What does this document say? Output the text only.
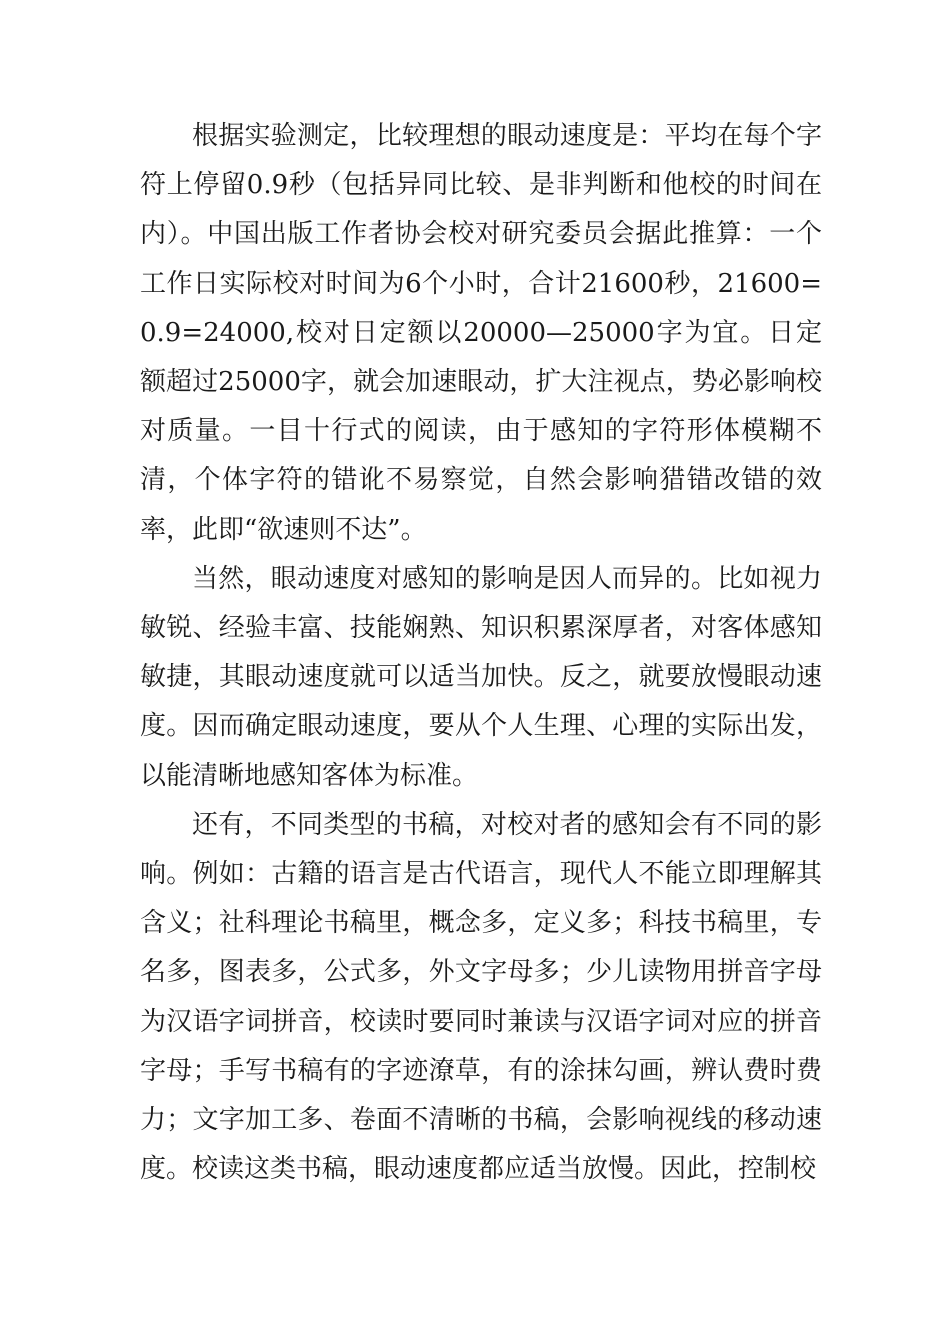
根据实验测定，比较理想的眼动速度是：平均在每个字符上停留0.9秒（包括异同比较、是非判断和他校的时间在内）。中国出版工作者协会校对研究委员会据此推算：一个工作日实际校对时间为6个小时，合计21600秒，21600=0.9=24000,校对日定额以20000—25000字为宜。日定额超过25000字，就会加速眼动，扩大注视点，势必影响校对质量。一目十行式的阅读，由于感知的字符形体模糊不清，个体字符的错讹不易察觉，自然会影响猎错改错的效率，此即“欲速则不达”。

当然，眼动速度对感知的影响是因人而异的。比如视力敏锐、经验丰富、技能娴熟、知识积累深厚者，对客体感知敏捷，其眼动速度就可以适当加快。反之，就要放慢眼动速度。因而确定眼动速度，要从个人生理、心理的实际出发，以能清晰地感知客体为标准。

还有，不同类型的书稿，对校对者的感知会有不同的影响。例如：古籍的语言是古代语言，现代人不能立即理解其含义；社科理论书稿里，概念多，定义多；科技书稿里，专名多，图表多，公式多，外文字母多；少儿读物用拼音字母为汉语字词拼音，校读时要同时兼读与汉语字词对应的拼音字母；手写书稿有的字迹潦草，有的涂抹勾画，辨认费时费力；文字加工多、卷面不清晰的书稿，会影响视线的移动速度。校读这类书稿，眼动速度都应适当放慢。因此，控制校
